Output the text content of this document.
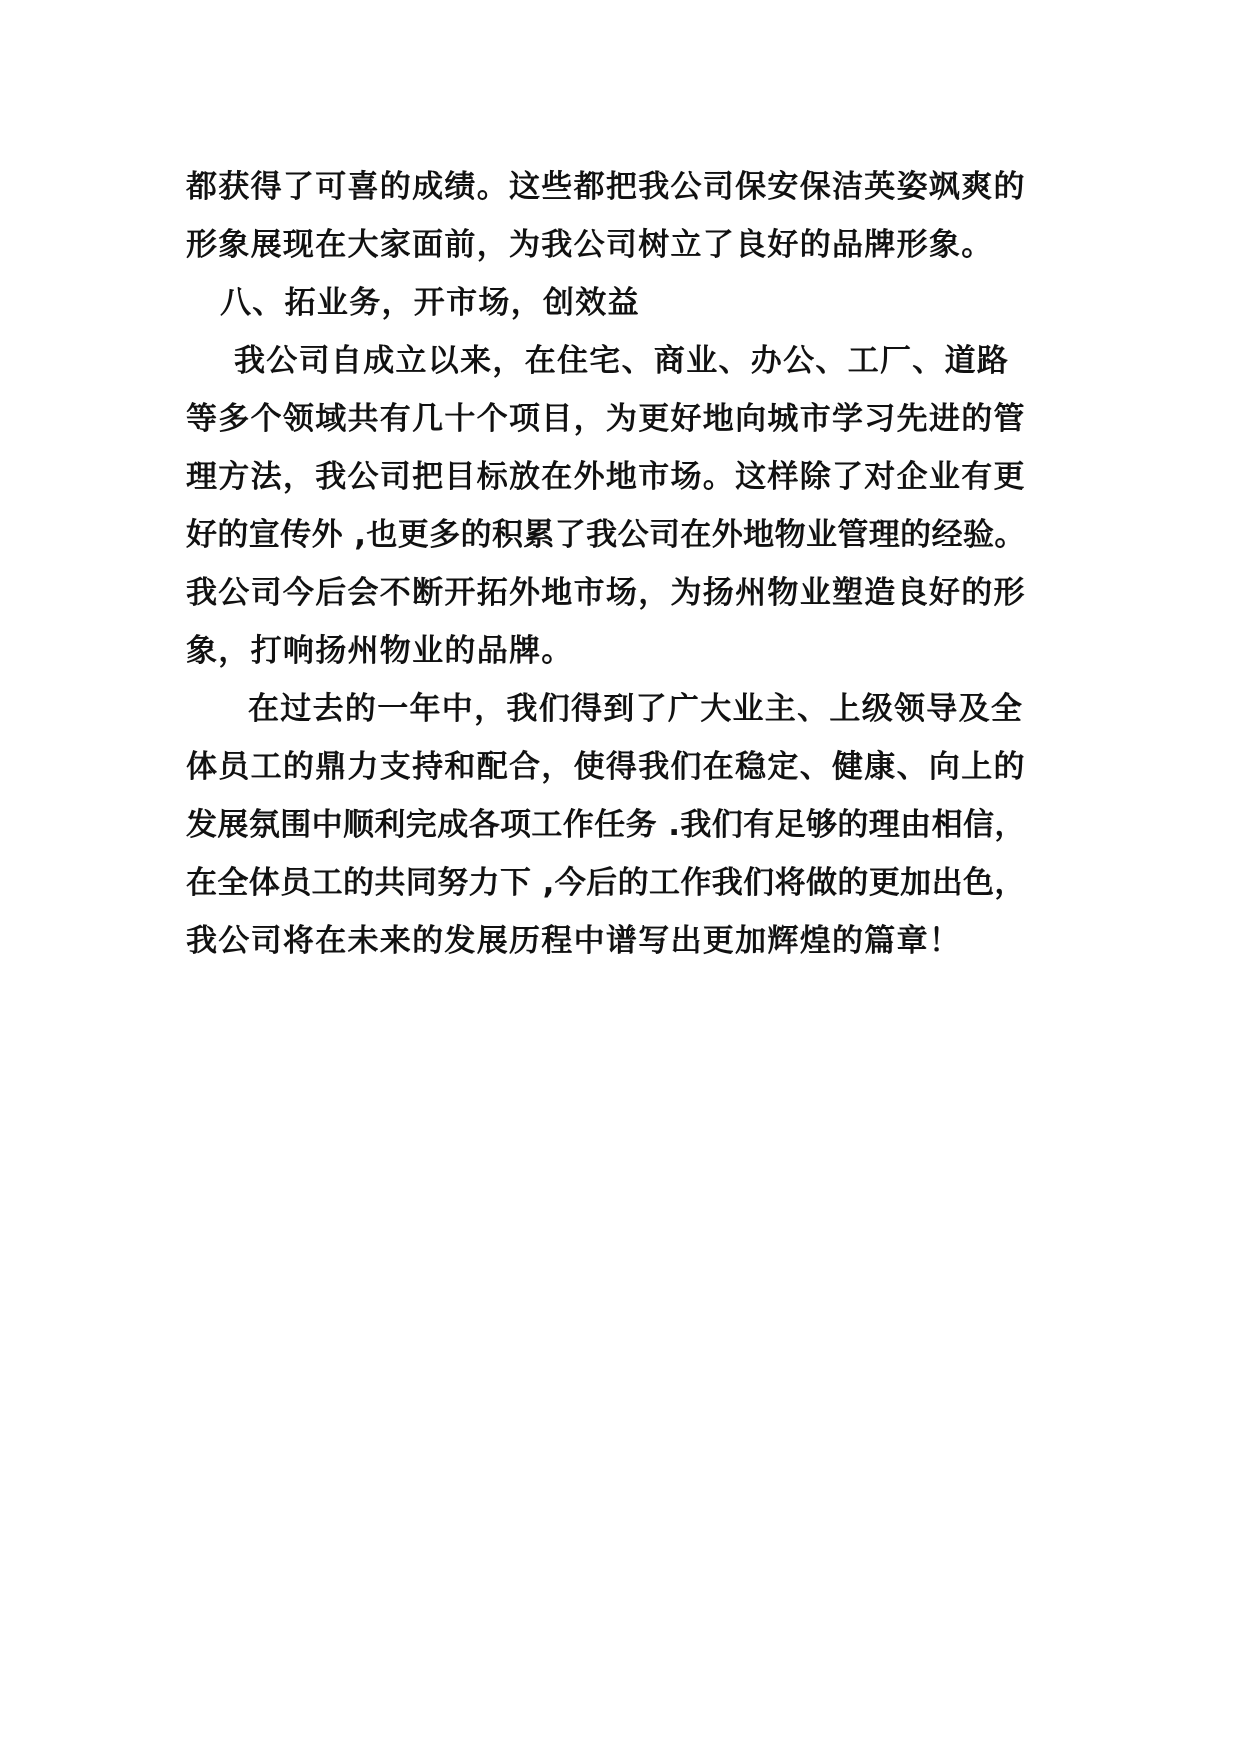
都获得了可喜的成绩。这些都把我公司保安保洁英姿飒爽的
形象展现在大家面前，为我公司树立了良好的品牌形象。
八、拓业务，开市场，创效益
我公司自成立以来，在住宅、商业、办公、工厂、道路
等多个领域共有几十个项目，为更好地向城市学习先进的管
理方法，我公司把目标放在外地市场。这样除了对企业有更
好的宣传外 ,也更多的积累了我公司在外地物业管理的经验。
我公司今后会不断开拓外地市场，为扬州物业塑造良好的形
象，打响扬州物业的品牌。
在过去的一年中，我们得到了广大业主、上级领导及全
体员工的鼎力支持和配合，使得我们在稳定、健康、向上的
发展氛围中顺利完成各项工作任务 .我们有足够的理由相信，
在全体员工的共同努力下 ,今后的工作我们将做的更加出色，
我公司将在未来的发展历程中谱写出更加辉煌的篇章！
